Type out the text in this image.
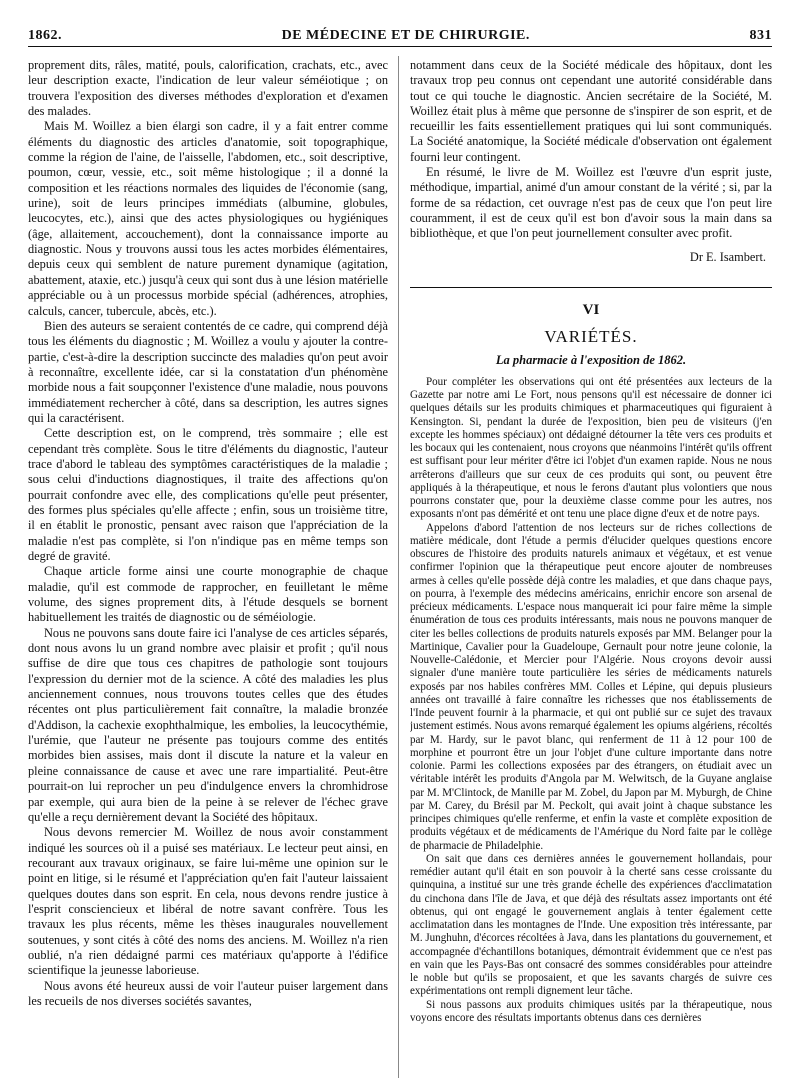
1862.	DE MÉDECINE ET DE CHIRURGIE.	831

proprement dits, râles, matité, pouls, calorification, crachats, etc., avec leur description exacte, l'indication de leur valeur séméiotique ; on trouvera l'exposition des diverses méthodes d'exploration et d'examen des malades.

Mais M. Woillez a bien élargi son cadre, il y a fait entrer comme éléments du diagnostic des articles d'anatomie, soit topographique, comme la région de l'aine, de l'aisselle, l'abdomen, etc., soit descriptive, poumon, cœur, vessie, etc., soit même histologique ; il a donné la composition et les réactions normales des liquides de l'économie (sang, urine), soit de leurs principes immédiats (albumine, globules, leucocytes, etc.), ainsi que des actes physiologiques ou hygiéniques (âge, allaitement, accouchement), dont la connaissance importe au diagnostic. Nous y trouvons aussi tous les actes morbides élémentaires, depuis ceux qui semblent de nature purement dynamique (agitation, abattement, ataxie, etc.) jusqu'à ceux qui sont dus à une lésion matérielle appréciable ou à un processus morbide spécial (adhérences, atrophies, calculs, cancer, tubercule, abcès, etc.).

Bien des auteurs se seraient contentés de ce cadre, qui comprend déjà tous les éléments du diagnostic ; M. Woillez a voulu y ajouter la contre-partie, c'est-à-dire la description succincte des maladies qu'on peut avoir à reconnaître, excellente idée, car si la constatation d'un phénomène morbide nous a fait soupçonner l'existence d'une maladie, nous pouvons immédiatement rechercher à côté, dans sa description, les autres signes qui la caractérisent.

Cette description est, on le comprend, très sommaire ; elle est cependant très complète. Sous le titre d'éléments du diagnostic, l'auteur trace d'abord le tableau des symptômes caractéristiques de la maladie ; sous celui d'inductions diagnostiques, il traite des affections qu'on pourrait confondre avec elle, des complications qu'elle peut présenter, des formes plus spéciales qu'elle affecte ; enfin, sous un troisième titre, il en établit le pronostic, pensant avec raison que l'appréciation de la maladie n'est pas complète, si l'on n'indique pas en même temps son degré de gravité.

Chaque article forme ainsi une courte monographie de chaque maladie, qu'il est commode de rapprocher, en feuilletant le même volume, des signes proprement dits, à l'étude desquels se bornent habituellement les traités de diagnostic ou de séméiologie.

Nous ne pouvons sans doute faire ici l'analyse de ces articles séparés, dont nous avons lu un grand nombre avec plaisir et profit ; qu'il nous suffise de dire que tous ces chapitres de pathologie sont toujours l'expression du dernier mot de la science. A côté des maladies les plus anciennement connues, nous trouvons toutes celles que des études récentes ont plus particulièrement fait connaître, la maladie bronzée d'Addison, la cachexie exophthalmique, les embolies, la leucocythémie, l'urémie, que l'auteur ne présente pas toujours comme des entités morbides bien assises, mais dont il discute la nature et la valeur en pleine connaissance de cause et avec une rare impartialité. Peut-être pourrait-on lui reprocher un peu d'indulgence envers la chromhidrose par exemple, qui aura bien de la peine à se relever de l'échec grave qu'elle a reçu dernièrement devant la Société des hôpitaux.

Nous devons remercier M. Woillez de nous avoir constamment indiqué les sources où il a puisé ses matériaux. Le lecteur peut ainsi, en recourant aux travaux originaux, se faire lui-même une opinion sur le point en litige, si le résumé et l'appréciation qu'en fait l'auteur laissaient quelques doutes dans son esprit. En cela, nous devons rendre justice à l'esprit consciencieux et libéral de notre savant confrère. Tous les travaux les plus récents, même les thèses inaugurales nouvellement soutenues, y sont cités à côté des noms des anciens. M. Woillez n'a rien oublié, n'a rien dédaigné parmi ces matériaux qu'apporte à l'édifice scientifique la jeunesse laborieuse.

Nous avons été heureux aussi de voir l'auteur puiser largement dans les recueils de nos diverses sociétés savantes,

notamment dans ceux de la Société médicale des hôpitaux, dont les travaux trop peu connus ont cependant une autorité considérable dans tout ce qui touche le diagnostic. Ancien secrétaire de la Société, M. Woillez était plus à même que personne de s'inspirer de son esprit, et de recueillir les faits essentiellement pratiques qui lui sont communiqués. La Société anatomique, la Société médicale d'observation ont également fourni leur contingent.

En résumé, le livre de M. Woillez est l'œuvre d'un esprit juste, méthodique, impartial, animé d'un amour constant de la vérité ; si, par la forme de sa rédaction, cet ouvrage n'est pas de ceux que l'on peut lire couramment, il est de ceux qu'il est bon d'avoir sous la main dans sa bibliothèque, et que l'on peut journellement consulter avec profit.

Dr E. Isambert.
VI
VARIÉTÉS.
La pharmacie à l'exposition de 1862.

Pour compléter les observations qui ont été présentées aux lecteurs de la Gazette par notre ami Le Fort, nous pensons qu'il est nécessaire de donner ici quelques détails sur les produits chimiques et pharmaceutiques qui figuraient à Kensington. Si, pendant la durée de l'exposition, bien peu de visiteurs (j'en excepte les hommes spéciaux) ont dédaigné détourner la tête vers ces produits et les bocaux qui les contenaient, nous croyons que néanmoins l'intérêt qu'ils offrent est suffisant pour leur mériter d'être ici l'objet d'un examen rapide. Nous ne nous arrêterons d'ailleurs que sur ceux de ces produits qui sont, ou peuvent être appliqués à la thérapeutique, et nous le ferons d'autant plus volontiers que nous pourrons constater que, pour la deuxième classe comme pour les autres, nos exposants n'ont pas démérité et ont tenu une place digne d'eux et de notre pays.

Appelons d'abord l'attention de nos lecteurs sur de riches collections de matière médicale, dont l'étude a permis d'élucider quelques questions encore obscures de l'histoire des produits naturels animaux et végétaux, et est venue confirmer l'opinion que la thérapeutique peut encore ajouter de nombreuses armes à celles qu'elle possède déjà contre les maladies, et que dans chaque pays, on pourra, à l'exemple des médecins américains, enrichir encore son arsenal de précieux médicaments. L'espace nous manquerait ici pour faire même la simple énumération de tous ces produits intéressants, mais nous ne pouvons manquer de citer les belles collections de produits naturels exposés par MM. Belanger pour la Martinique, Cavalier pour la Guadeloupe, Gernault pour notre jeune colonie, la Nouvelle-Calédonie, et Mercier pour l'Algérie. Nous croyons devoir aussi signaler d'une manière toute particulière les séries de médicaments naturels exposés par nos habiles confrères MM. Colles et Lépine, qui depuis plusieurs années ont travaillé à faire connaître les richesses que nos établissements de l'Inde peuvent fournir à la pharmacie, et qui ont publié sur ce sujet des travaux justement estimés. Nous avons remarqué également les opiums algériens, récoltés par M. Hardy, sur le pavot blanc, qui renferment de 11 à 12 pour 100 de morphine et pourront être un jour l'objet d'une culture importante dans notre colonie. Parmi les collections exposées par des étrangers, on étudiait avec un véritable intérêt les produits d'Angola par M. Welwitsch, de la Guyane anglaise par M. M'Clintock, de Manille par M. Zobel, du Japon par M. Myburgh, de Chine par M. Carey, du Brésil par M. Peckolt, qui avait joint à chaque substance les principes chimiques qu'elle renferme, et enfin la vaste et complète exposition de produits végétaux et de médicaments de l'Amérique du Nord faite par le collège de pharmacie de Philadelphie.

On sait que dans ces dernières années le gouvernement hollandais, pour remédier autant qu'il était en son pouvoir à la cherté sans cesse croissante du quinquina, a institué sur une très grande échelle des expériences d'acclimatation du cinchona dans l'île de Java, et que déjà des résultats assez importants ont été obtenus, qui ont engagé le gouvernement anglais à tenter également cette acclimatation dans les montagnes de l'Inde. Une exposition très intéressante, par M. Junghuhn, d'écorces récoltées à Java, dans les plantations du gouvernement, et accompagnée d'échantillons botaniques, démontrait évidemment que ce n'est pas en vain que les Pays-Bas ont consacré des sommes considérables pour atteindre le noble but qu'ils se proposaient, et que les savants chargés de suivre ces expérimentations ont rempli dignement leur tâche.

Si nous passons aux produits chimiques usités par la thérapeutique, nous voyons encore des résultats importants obtenus dans ces dernières
